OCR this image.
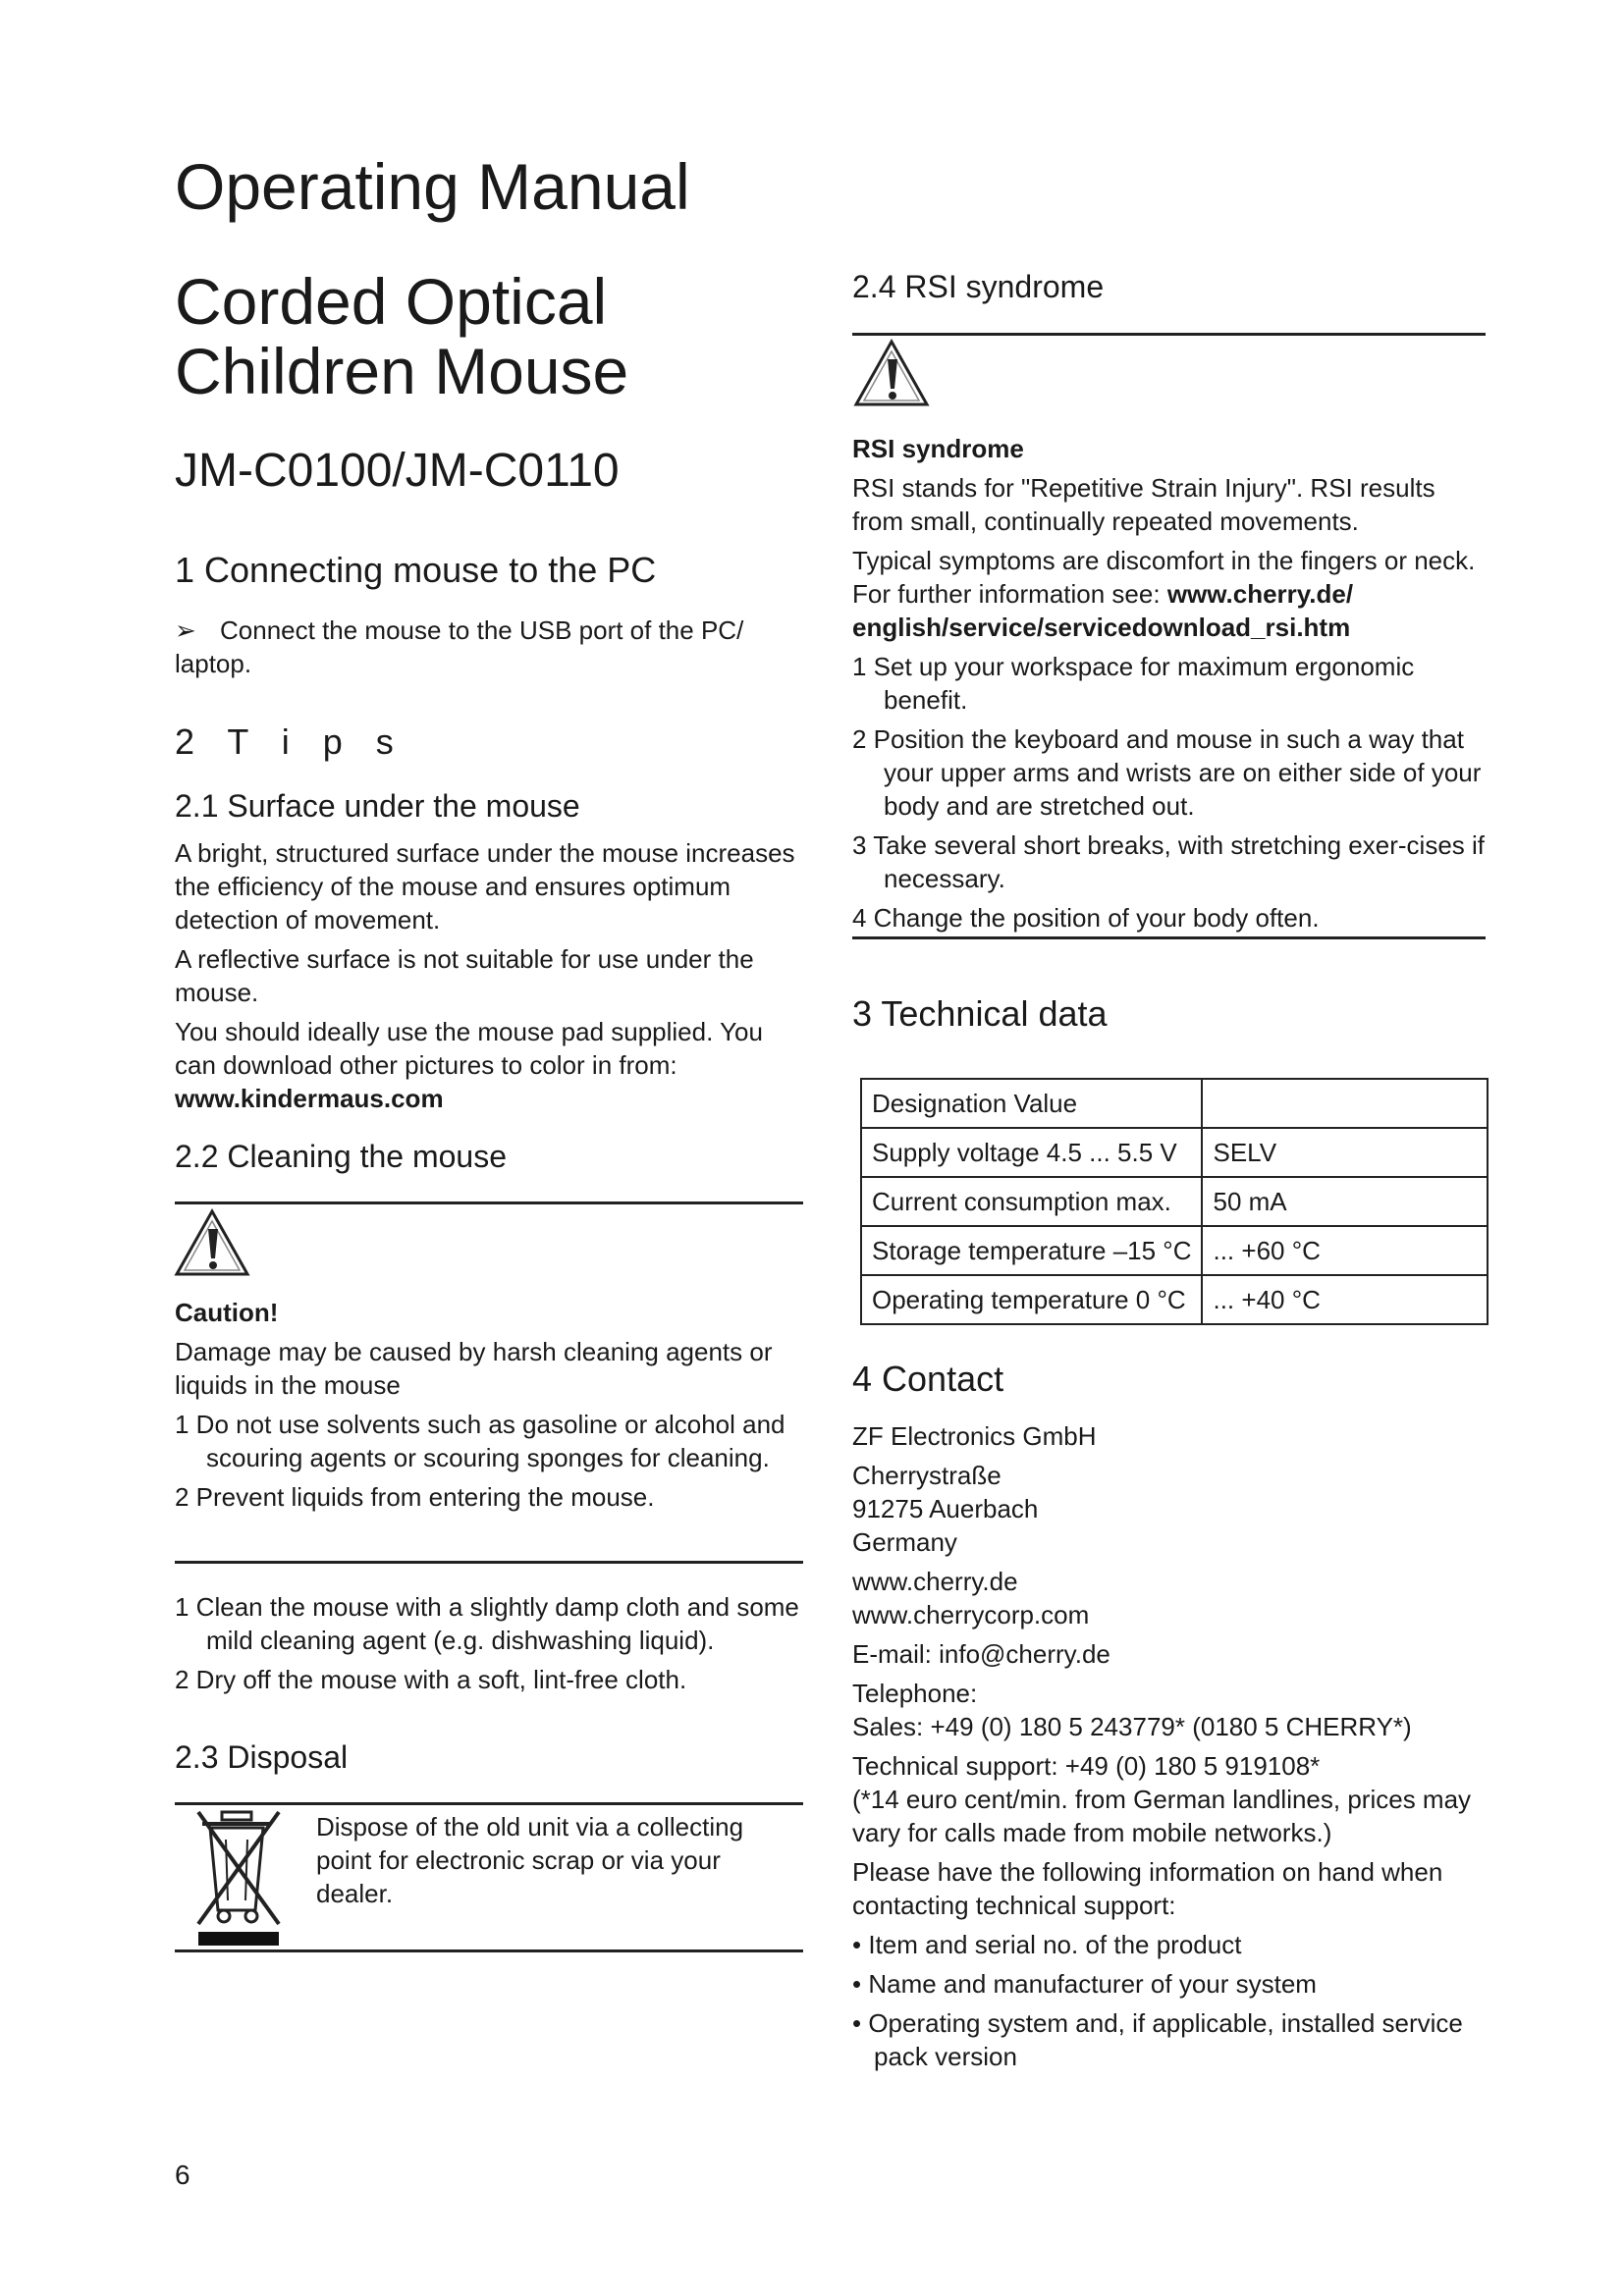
Operating Manual
Corded Optical
Children Mouse
JM-C0100/JM-C0110
1 Connecting mouse to the PC
➢ Connect the mouse to the USB port of the PC/ laptop.
2 T i p s
2.1 Surface under the mouse

A bright, structured surface under the mouse increases the efficiency of the mouse and ensures optimum detection of movement.

A reflective surface is not suitable for use under the mouse.

You should ideally use the mouse pad supplied. You can download other pictures to color in from:

www.kindermaus.com

2.2 Cleaning the mouse

Caution!

Damage may be caused by harsh cleaning agents or liquids in the mouse

1 Do not use solvents such as gasoline or alcohol and scouring agents or scouring sponges for cleaning.

2 Prevent liquids from entering the mouse.

1 Clean the mouse with a slightly damp cloth and some mild cleaning agent (e.g. dishwashing liquid).

2 Dry off the mouse with a soft, lint-free cloth.

2.3 Disposal
Dispose of the old unit via a collecting point for electronic scrap or via your dealer.
2.4 RSI syndrome

RSI syndrome

RSI stands for "Repetitive Strain Injury". RSI results from small, continually repeated movements.

Typical symptoms are discomfort in the fingers or neck. For further information see: www.cherry.de/ english/service/servicedownload_rsi.htm

1 Set up your workspace for maximum ergonomic benefit.

2 Position the keyboard and mouse in such a way that your upper arms and wrists are on either side of your body and are stretched out.

3 Take several short breaks, with stretching exer-cises if necessary.

4 Change the position of your body often.

3 Technical data
Designation Value	
Supply voltage 4.5 ... 5.5 V	SELV
Current consumption max.	50 mA
Storage temperature –15 °C	... +60 °C
Operating temperature 0 °C	... +40 °C
4 Contact

ZF Electronics GmbH

Cherrystraße

91275 Auerbach

Germany

www.cherry.de

www.cherrycorp.com

E-mail: info@cherry.de

Telephone:

Sales: +49 (0) 180 5 243779* (0180 5 CHERRY*)

Technical support: +49 (0) 180 5 919108*

(*14 euro cent/min. from German landlines, prices may vary for calls made from mobile networks.)

Please have the following information on hand when contacting technical support:

• Item and serial no. of the product

• Name and manufacturer of your system

• Operating system and, if applicable, installed service pack version

6
